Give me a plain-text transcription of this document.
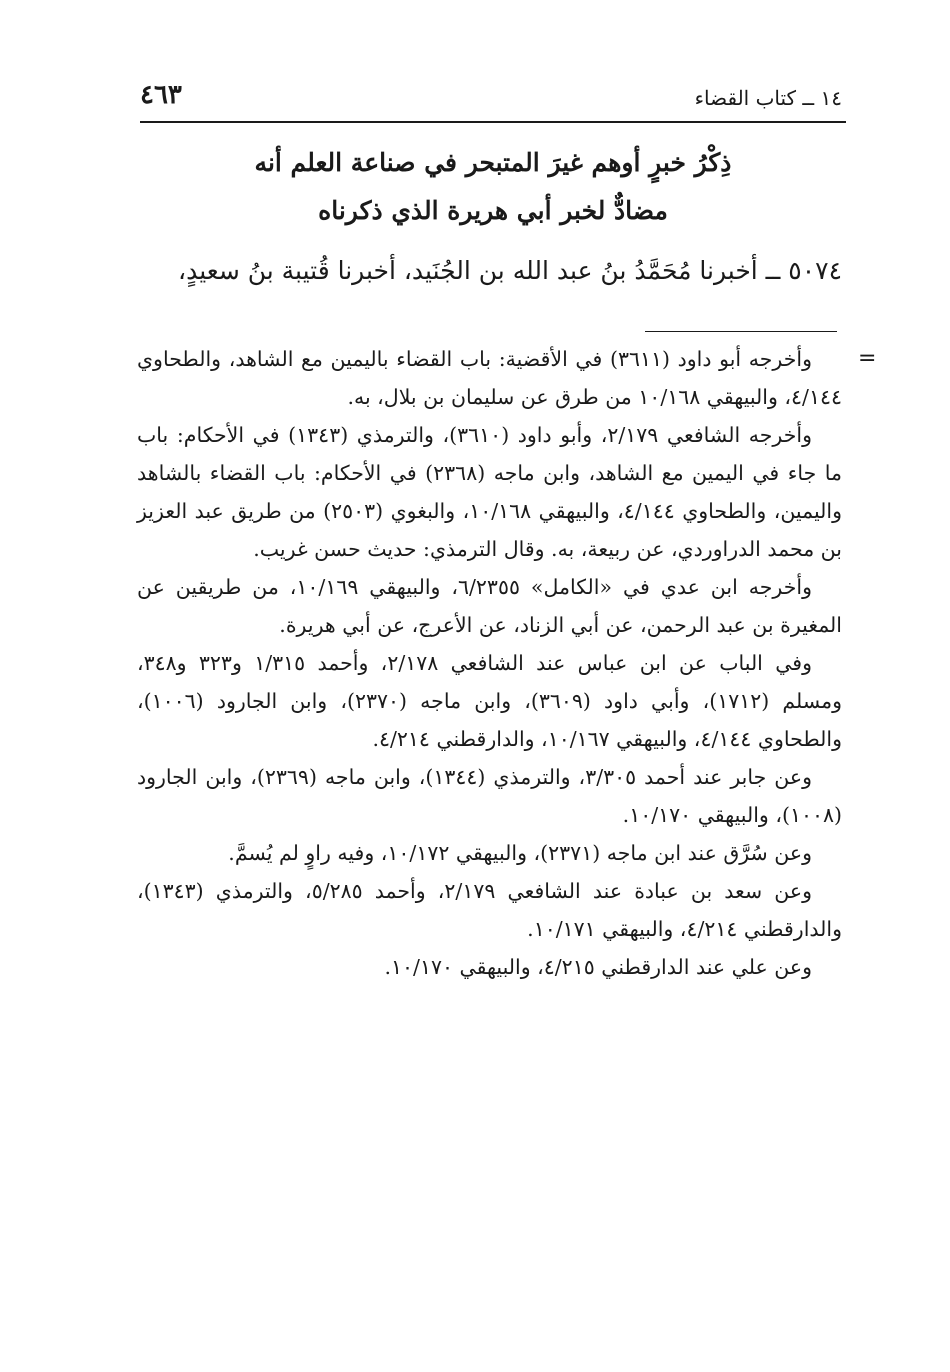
١٤ ــ كتاب القضاء
٤٦٣
ذِكْرُ خبرٍ أوهم غيرَ المتبحر في صناعة العلم أنه
مضادٌّ لخبر أبي هريرة الذي ذكرناه
٥٠٧٤ ــ أخبرنا مُحَمَّدُ بنُ عبد الله بن الجُنَيد، أخبرنا قُتيبة بنُ سعيدٍ،
=

وأخرجه أبو داود (٣٦١١) في الأقضية: باب القضاء باليمين مع الشاهد، والطحاوي ٤/١٤٤، والبيهقي ١٠/١٦٨ من طرق عن سليمان بن بلال، به.

وأخرجه الشافعي ٢/١٧٩، وأبو داود (٣٦١٠)، والترمذي (١٣٤٣) في الأحكام: باب ما جاء في اليمين مع الشاهد، وابن ماجه (٢٣٦٨) في الأحكام: باب القضاء بالشاهد واليمين، والطحاوي ٤/١٤٤، والبيهقي ١٠/١٦٨، والبغوي (٢٥٠٣) من طريق عبد العزيز بن محمد الدراوردي، عن ربيعة، به. وقال الترمذي: حديث حسن غريب.

وأخرجه ابن عدي في «الكامل» ٦/٢٣٥٥، والبيهقي ١٠/١٦٩، من طريقين عن المغيرة بن عبد الرحمن، عن أبي الزناد، عن الأعرج، عن أبي هريرة.

وفي الباب عن ابن عباس عند الشافعي ٢/١٧٨، وأحمد ١/٣١٥ و٣٢٣ و٣٤٨، ومسلم (١٧١٢)، وأبي داود (٣٦٠٩)، وابن ماجه (٢٣٧٠)، وابن الجارود (١٠٠٦)، والطحاوي ٤/١٤٤، والبيهقي ١٠/١٦٧، والدارقطني ٤/٢١٤.

وعن جابر عند أحمد ٣/٣٠٥، والترمذي (١٣٤٤)، وابن ماجه (٢٣٦٩)، وابن الجارود (١٠٠٨)، والبيهقي ١٠/١٧٠.

وعن سُرَّق عند ابن ماجه (٢٣٧١)، والبيهقي ١٠/١٧٢، وفيه راوٍ لم يُسمَّ.

وعن سعد بن عبادة عند الشافعي ٢/١٧٩، وأحمد ٥/٢٨٥، والترمذي (١٣٤٣)، والدارقطني ٤/٢١٤، والبيهقي ١٠/١٧١.

وعن علي عند الدارقطني ٤/٢١٥، والبيهقي ١٠/١٧٠.
